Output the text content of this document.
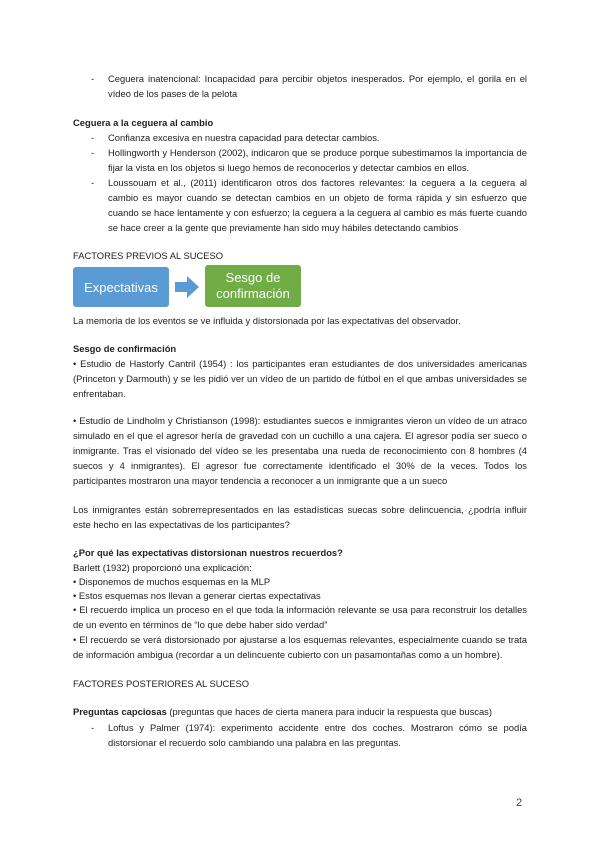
-	Ceguera inatencional: Incapacidad para percibir objetos inesperados. Por ejemplo, el gorila en el vídeo de los pases de la pelota
Ceguera a la ceguera al cambio
-	Confianza excesiva en nuestra capacidad para detectar cambios.
-	Hollingworth y Henderson (2002), indicaron que se produce porque subestimamos la importancia de fijar la vista en los objetos si luego hemos de reconocerlos y detectar cambios en ellos.
-	Loussouam et al., (2011) identificaron otros dos factores relevantes: la ceguera a la ceguera al cambio es mayor cuando se detectan cambios en un objeto de forma rápida y sin esfuerzo que cuando se hace lentamente y con esfuerzo; la ceguera a la ceguera al cambio es más fuerte cuando se hace creer a la gente que previamente han sido muy hábiles detectando cambios
FACTORES PREVIOS AL SUCESO
Expectativas
Sesgo de confirmación
La memoria de los eventos se ve influida y distorsionada por las expectativas del observador.
Sesgo de confirmación
• Estudio de Hastorfy Cantril (1954) : los participantes eran estudiantes de dos universidades americanas (Princeton y Darmouth) y se les pidió ver un vídeo de un partido de fútbol en el que ambas universidades se enfrentaban.
• Estudio de Lindholm y Christianson (1998): estudiantes suecos e inmigrantes vieron un vídeo de un atraco simulado en el que el agresor hería de gravedad con un cuchillo a una cajera. El agresor podía ser sueco o inmigrante. Tras el visionado del vídeo se les presentaba una rueda de reconocimiento con 8 hombres (4 suecos y 4 inmigrantes). El agresor fue correctamente identificado el 30% de la veces. Todos los participantes mostraron una mayor tendencia a reconocer a un inmigrante que a un sueco
Los inmigrantes están sobrerrepresentados en las estadísticas suecas sobre delincuencia, ¿podría influir este hecho en las expectativas de los participantes?
¿Por qué las expectativas distorsionan nuestros recuerdos?
Barlett (1932) proporcionó una explicación:
• Disponemos de muchos esquemas en la MLP
• Estos esquemas nos llevan a generar ciertas expectativas
• El recuerdo implica un proceso en el que toda la información relevante se usa para reconstruir los detalles de un evento en términos de “lo que debe haber sido verdad”
• El recuerdo se verá distorsionado por ajustarse a los esquemas relevantes, especialmente cuando se trata de información ambigua (recordar a un delincuente cubierto con un pasamontañas como a un hombre).
FACTORES POSTERIORES AL SUCESO
Preguntas capciosas (preguntas que haces de cierta manera para inducir la respuesta que buscas)
-	Loftus y Palmer (1974): experimento accidente entre dos coches. Mostraron cómo se podía distorsionar el recuerdo solo cambiando una palabra en las preguntas.
2
